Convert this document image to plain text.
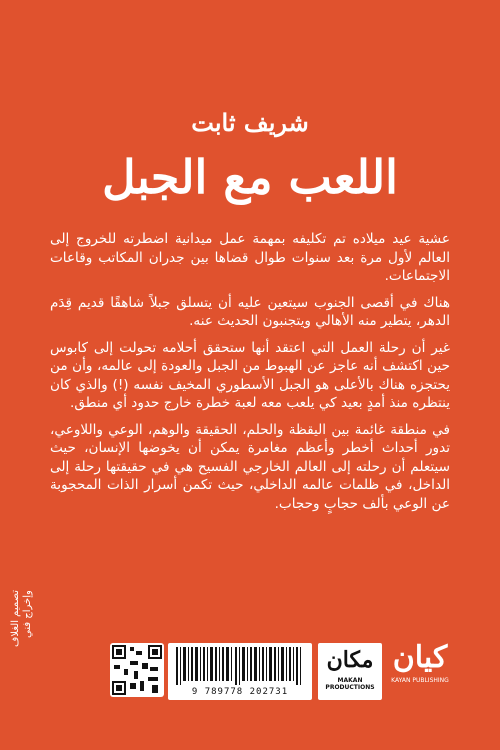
شريف ثابت
اللعب مع الجبل

عشية عيد ميلاده تم تكليفه بمهمة عمل ميدانية اضطرته للخروج إلى العالم لأول مرة بعد سنوات طوال قضاها بين جدران المكاتب وقاعات الاجتماعات.

هناك في أقصى الجنوب سيتعين عليه أن يتسلق جبلاً شاهقًا قديم قِدَم الدهر، يتطير منه الأهالي ويتجنبون الحديث عنه.

غير أن رحلة العمل التي اعتقد أنها ستحقق أحلامه تحولت إلى كابوس حين اكتشف أنه عاجز عن الهبوط من الجبل والعودة إلى عالمه، وأن من يحتجزه هناك بالأعلى هو الجبل الأسطوري المخيف نفسه (!) والذي كان ينتظره منذ أمدٍ بعيد كي يلعب معه لعبة خطرة خارج حدود أي منطق.

في منطقة غائمة بين اليقظة والحلم، الحقيقة والوهم، الوعي واللاوعي، تدور أحداث أخطر وأعظم مغامرة يمكن أن يخوضها الإنسان، حيث سيتعلم أن رحلته إلى العالم الخارجي الفسيح هي في حقيقتها رحلة إلى الداخل، في ظلمات عالمه الداخلي، حيث تكمن أسرار الذات المحجوبة عن الوعي بألف حجابٍ وحجاب.

تصميم الغلاف وإخراج فني
9 789778 202731
مكان
MAKAN PRODUCTIONS
كيان
KAYAN PUBLISHING
